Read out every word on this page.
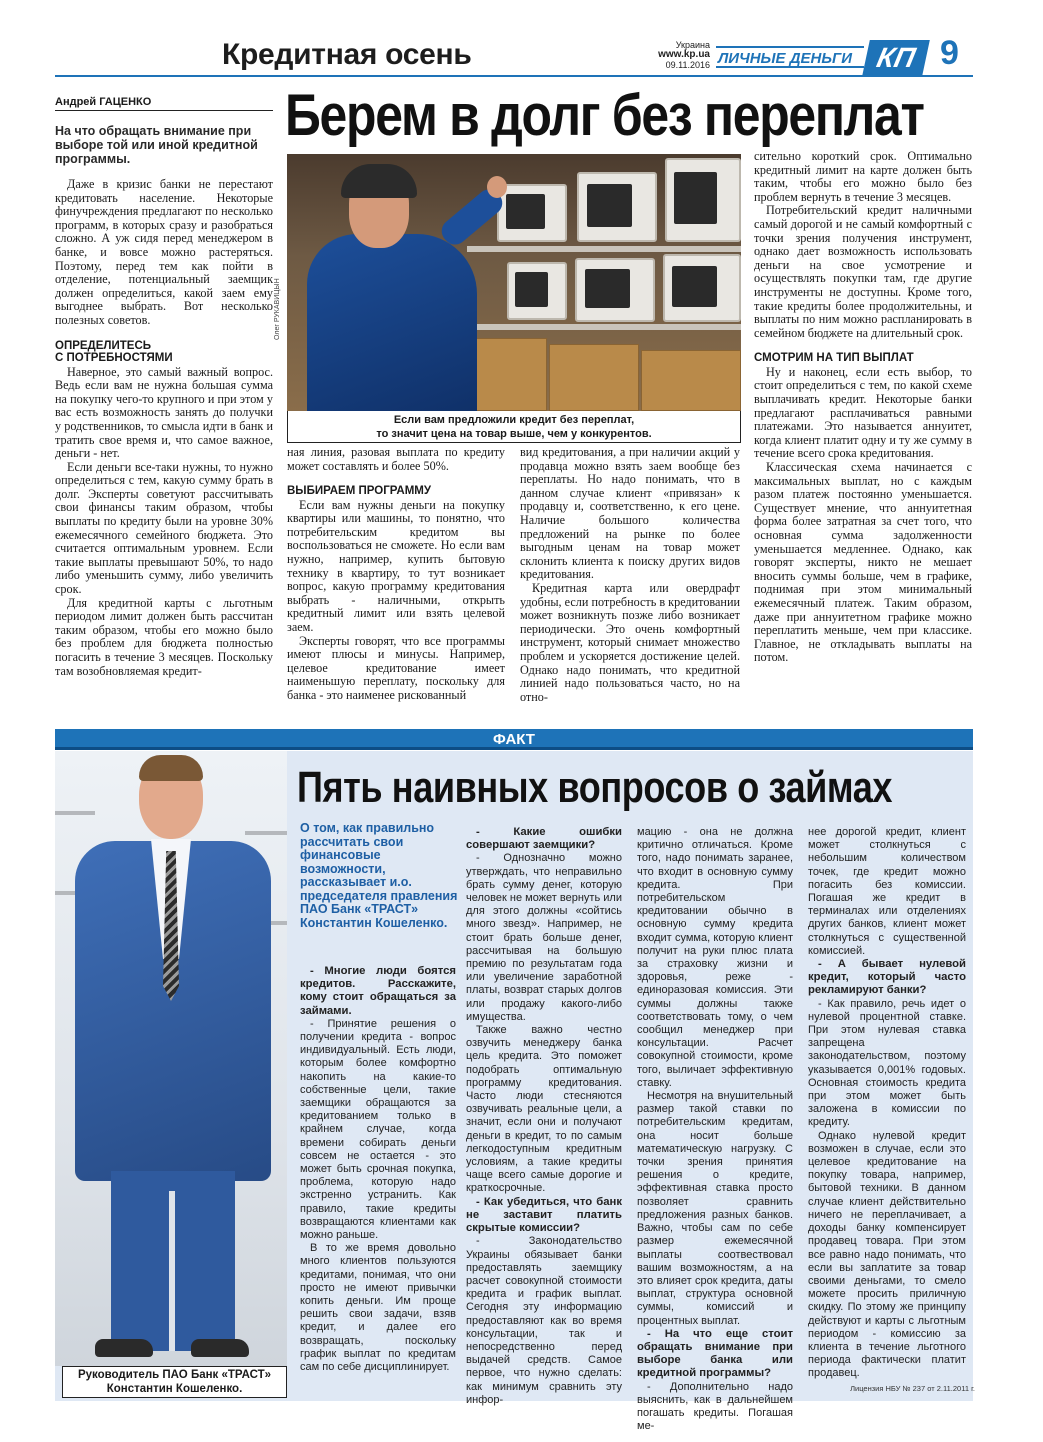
Кредитная осень	Украина
www.kp.ua
09.11.2016 ЛИЧНЫЕ ДЕНЬГИ КП 9
Андрей ГАЦЕНКО
На что обращать внимание при выборе той или иной кредитной программы.
Берем в долг без переплат

Даже в кризис банки не перестают кредитовать население. Некоторые финучреждения предлагают по несколько программ, в которых сразу и разобраться сложно. А уж сидя перед менеджером в банке, и вовсе можно растеряться. Поэтому, перед тем как пойти в отделение, потенциальный заемщик должен определиться, какой заем ему выгоднее выбрать. Вот несколько полезных советов.

ОПРЕДЕЛИТЕСЬ
С ПОТРЕБНОСТЯМИ

Наверное, это самый важный вопрос. Ведь если вам не нужна большая сумма на покупку чего-то крупного и при этом у вас есть возможность занять до получки у родственников, то смысла идти в банк и тратить свое время и, что самое важное, деньги - нет.

Если деньги все-таки нужны, то нужно определиться с тем, какую сумму брать в долг. Эксперты советуют рассчитывать свои финансы таким образом, чтобы выплаты по кредиту были на уровне 30% ежемесячного семейного бюджета. Это считается оптимальным уровнем. Если такие выплаты превышают 50%, то надо либо уменьшить сумму, либо увеличить срок.

Для кредитной карты с льготным периодом лимит должен быть рассчитан таким образом, чтобы его можно было без проблем для бюджета полностью погасить в течение 3 месяцев. Поскольку там возобновляемая кредит-

Олег РУКАВИЦЫН
Если вам предложили кредит без переплат,
то значит цена на товар выше, чем у конкурентов.

ная линия, разовая выплата по кредиту может составлять и более 50%.

ВЫБИРАЕМ ПРОГРАММУ

Если вам нужны деньги на покупку квартиры или машины, то понятно, что потребительским кредитом вы воспользоваться не сможете. Но если вам нужно, например, купить бытовую технику в квартиру, то тут возникает вопрос, какую программу кредитования выбрать - наличными, открыть кредитный лимит или взять целевой заем.

Эксперты говорят, что все программы имеют плюсы и минусы. Например, целевое кредитование имеет наименьшую переплату, поскольку для банка - это наименее рискованный

вид кредитования, а при наличии акций у продавца можно взять заем вообще без переплаты. Но надо понимать, что в данном случае клиент «привязан» к продавцу и, соответственно, к его цене. Наличие большого количества предложений на рынке по более выгодным ценам на товар может склонить клиента к поиску других видов кредитования.

Кредитная карта или овердрафт удобны, если потребность в кредитовании может возникнуть позже либо возникает периодически. Это очень комфортный инструмент, который снимает множество проблем и ускоряется достижение целей. Однако надо понимать, что кредитной линией надо пользоваться часто, но на отно-

сительно короткий срок. Оптимально кредитный лимит на карте должен быть таким, чтобы его можно было без проблем вернуть в течение 3 месяцев.

Потребительский кредит наличными самый дорогой и не самый комфортный с точки зрения получения инструмент, однако дает возможность использовать деньги на свое усмотрение и осуществлять покупки там, где другие инструменты не доступны. Кроме того, такие кредиты более продолжительны, и выплаты по ним можно распланировать в семейном бюджете на длительный срок.

СМОТРИМ НА ТИП ВЫПЛАТ

Ну и наконец, если есть выбор, то стоит определиться с тем, по какой схеме выплачивать кредит. Некоторые банки предлагают расплачиваться равными платежами. Это называется аннуитет, когда клиент платит одну и ту же сумму в течение всего срока кредитования.

Классическая схема начинается с максимальных выплат, но с каждым разом платеж постоянно уменьшается. Существует мнение, что аннуитетная форма более затратная за счет того, что основная сумма задолженности уменьшается медленнее. Однако, как говорят эксперты, никто не мешает вносить суммы больше, чем в графике, поднимая при этом минимальный ежемесячный платеж. Таким образом, даже при аннуитетном графике можно переплатить меньше, чем при классике. Главное, не откладывать выплаты на потом.

ФАКТ
Руководитель ПАО Банк «ТРАСТ»
Константин Кошеленко.
Пять наивных вопросов о займах
О том, как правильно рассчитать свои финансовые возможности, рассказывает и.о. председателя правления ПАО Банк «ТРАСТ» Константин Кошеленко.

- Многие люди боятся кредитов. Расскажите, кому стоит обращаться за займами.

- Принятие решения о получении кредита - вопрос индивидуальный. Есть люди, которым более комфортно накопить на какие-то собственные цели, такие заемщики обращаются за кредитованием только в крайнем случае, когда времени собирать деньги совсем не остается - это может быть срочная покупка, проблема, которую надо экстренно устранить. Как правило, такие кредиты возвращаются клиентами как можно раньше.

В то же время довольно много клиентов пользуются кредитами, понимая, что они просто не имеют привычки копить деньги. Им проще решить свои задачи, взяв кредит, и далее его возвращать, поскольку график выплат по кредитам сам по себе дисциплинирует.

- Какие ошибки совершают заемщики?

- Однозначно можно утверждать, что неправильно брать сумму денег, которую человек не может вернуть или для этого должны «сойтись много звезд». Например, не стоит брать больше денег, рассчитывая на большую премию по результатам года или увеличение заработной платы, возврат старых долгов или продажу какого-либо имущества.

Также важно честно озвучить менеджеру банка цель кредита. Это поможет подобрать оптимальную программу кредитования. Часто люди стесняются озвучивать реальные цели, а значит, если они и получают деньги в кредит, то по самым легкодоступным кредитным условиям, а такие кредиты чаще всего самые дорогие и краткосрочные.

- Как убедиться, что банк не заставит платить скрытые комиссии?

- Законодательство Украины обязывает банки предоставлять заемщику расчет совокупной стоимости кредита и график выплат. Сегодня эту информацию предоставляют как во время консультации, так и непосредственно перед выдачей средств. Самое первое, что нужно сделать: как минимум сравнить эту инфор-

мацию - она не должна критично отличаться. Кроме того, надо понимать заранее, что входит в основную сумму кредита. При потребительском кредитовании обычно в основную сумму кредита входит сумма, которую клиент получит на руки плюс плата за страховку жизни и здоровья, реже - единоразовая комиссия. Эти суммы должны также соответствовать тому, о чем сообщил менеджер при консультации. Расчет совокупной стоимости, кроме того, выличает эффективную ставку.

Несмотря на внушительный размер такой ставки по потребительским кредитам, она носит больше математическую нагрузку. С точки зрения принятия решения о кредите, эффективная ставка просто позволяет сравнить предложения разных банков. Важно, чтобы сам по себе размер ежемесячной выплаты соотвествовал вашим возможностям, а на это влияет срок кредита, даты выплат, структура основной суммы, комиссий и процентных выплат.

- На что еще стоит обращать внимание при выборе банка или кредитной программы?

- Дополнительно надо выяснить, как в дальнейшем погашать кредиты. Погашая ме-

нее дорогой кредит, клиент может столкнуться с небольшим количеством точек, где кредит можно погасить без комиссии. Погашая же кредит в терминалах или отделениях других банков, клиент может столкнуться с существенной комиссией.

- А бывает нулевой кредит, который часто рекламируют банки?

- Как правило, речь идет о нулевой процентной ставке. При этом нулевая ставка запрещена законодательством, поэтому указывается 0,001% годовых. Основная стоимость кредита при этом может быть заложена в комиссии по кредиту.

Однако нулевой кредит возможен в случае, если это целевое кредитование на покупку товара, например, бытовой техники. В данном случае клиент действительно ничего не переплачивает, а доходы банку компенсирует продавец товара. При этом все равно надо понимать, что если вы заплатите за товар своими деньгами, то смело можете просить приличную скидку. По этому же принципу действуют и карты с льготным периодом - комиссию за клиента в течение льготного периода фактически платит продавец.

Лицензия НБУ № 237 от 2.11.2011 г.
